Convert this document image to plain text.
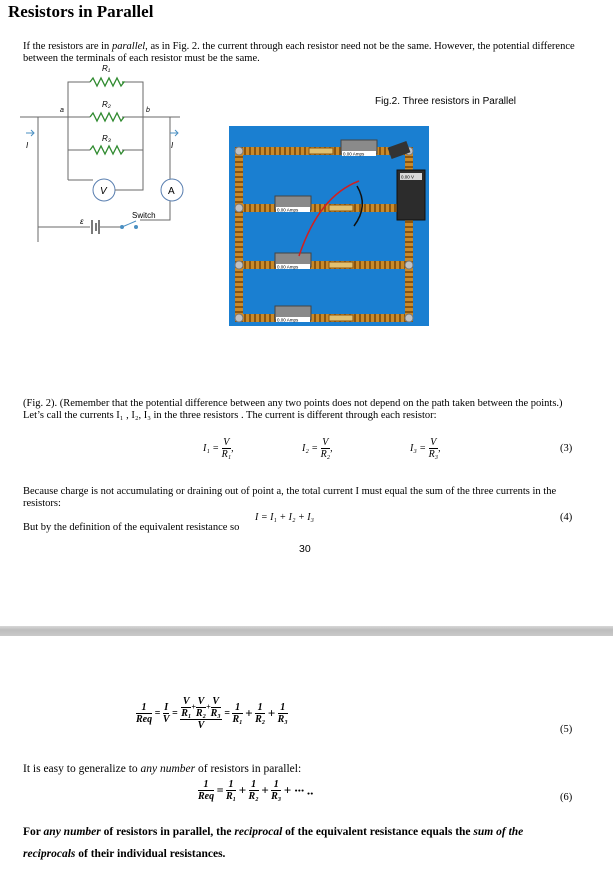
Resistors in Parallel
If the resistors are in parallel, as in Fig. 2. the current through each resistor need not be the same. However, the potential difference between the terminals of each resistor must be the same.
R₁
R₂
R₃
a	b
I	I
V	A
ε
Switch
Fig.2. Three resistors in Parallel
0.00 Amps
0.00 Amps
0.00 Amps
0.00 Amps
0.00 V
(Fig. 2). (Remember that the potential difference between any two points does not depend on the path taken between the points.) Let’s call the currents I₁ , I₂, I₃ in the three resistors . The current is different through each resistor:
$I_1 = \frac{V}{\text{R₁}}$ ,	$I_2 = \frac{V}{\text{R₂}}$ ,	$I_3 = \frac{V}{\text{R₃}}$ ,	(3)
Because charge is not accumulating or draining out of point a, the total current I must equal the sum of the three currents in the resistors:
I = I₁ + I₂ + I₃	(4)
But by the definition of the equivalent resistance so
30
$\frac{1}{\text{Req}} = \frac{I}{V} = \frac{\frac{V}{\text{R₁}} + \frac{V}{\text{R₂}} + \frac{V}{\text{R₃}}}{V} = \frac{1}{\text{R₁}} + \frac{1}{\text{R₂}} + \frac{1}{\text{R₃}}$
(5)
It is easy to generalize to any number of resistors in parallel:
$\frac{1}{\text{Req}} = \frac{1}{\text{R₁}} + \frac{1}{\text{R₂}} + \frac{1}{\text{R₃}}$ + ··· ..	(6)
For any number of resistors in parallel, the reciprocal of the equivalent resistance equals the sum of the
reciprocals of their individual resistances.
